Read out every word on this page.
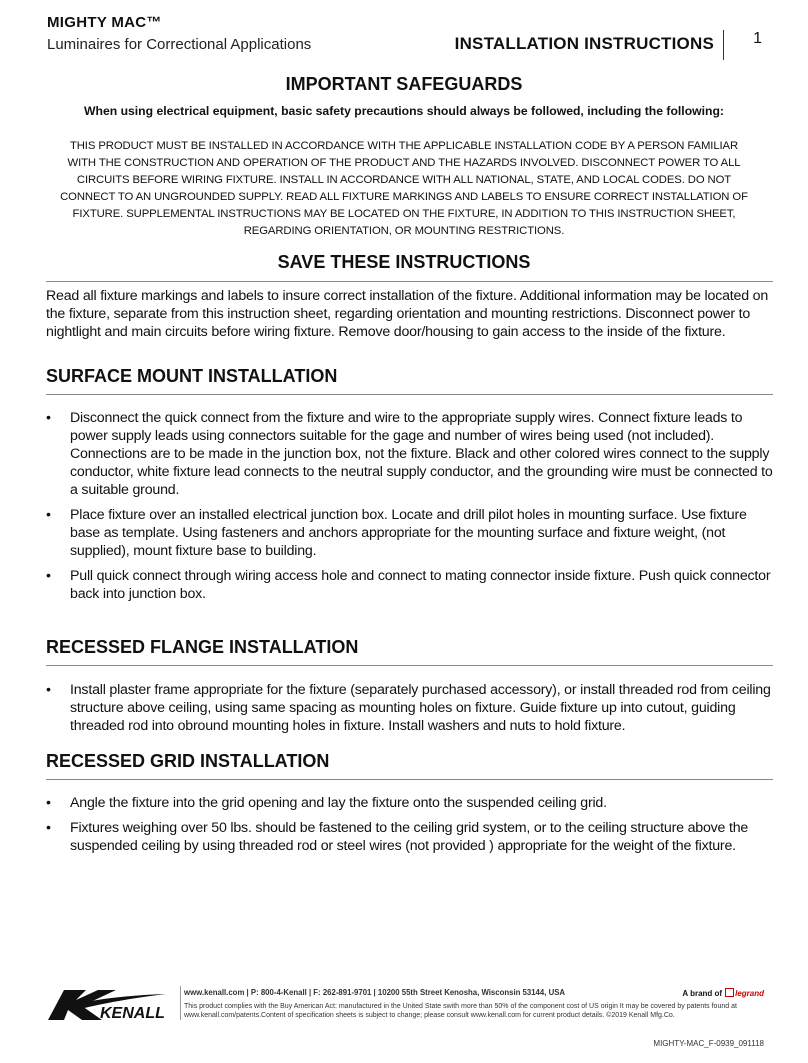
MIGHTY MAC™
Luminaires for Correctional Applications	INSTALLATION INSTRUCTIONS 1
IMPORTANT SAFEGUARDS
When using electrical equipment, basic safety precautions should always be followed, including the following:
THIS PRODUCT MUST BE INSTALLED IN ACCORDANCE WITH THE APPLICABLE INSTALLATION CODE BY A PERSON FAMILIAR WITH THE CONSTRUCTION AND OPERATION OF THE PRODUCT AND THE HAZARDS INVOLVED. DISCONNECT POWER TO ALL CIRCUITS BEFORE WIRING FIXTURE. INSTALL IN ACCORDANCE WITH ALL NATIONAL, STATE, AND LOCAL CODES. DO NOT CONNECT TO AN UNGROUNDED SUPPLY. READ ALL FIXTURE MARKINGS AND LABELS TO ENSURE CORRECT INSTALLATION OF FIXTURE. SUPPLEMENTAL INSTRUCTIONS MAY BE LOCATED ON THE FIXTURE, IN ADDITION TO THIS INSTRUCTION SHEET, REGARDING ORIENTATION, OR MOUNTING RESTRICTIONS.
SAVE THESE INSTRUCTIONS
Read all fixture markings and labels to insure correct installation of the fixture. Additional information may be located on the fixture, separate from this instruction sheet, regarding orientation and mounting restrictions. Disconnect power to nightlight and main circuits before wiring fixture. Remove door/housing to gain access to the inside of the fixture.
SURFACE MOUNT INSTALLATION
• Disconnect the quick connect from the fixture and wire to the appropriate supply wires. Connect fixture leads to power supply leads using connectors suitable for the gage and number of wires being used (not included). Connections are to be made in the junction box, not the fixture. Black and other colored wires connect to the supply conductor, white fixture lead connects to the neutral supply conductor, and the grounding wire must be connected to a suitable ground.
• Place fixture over an installed electrical junction box. Locate and drill pilot holes in mounting surface. Use fixture base as template. Using fasteners and anchors appropriate for the mounting surface and fixture weight, (not supplied), mount fixture base to building.
• Pull quick connect through wiring access hole and connect to mating connector inside fixture. Push quick connector back into junction box.
RECESSED FLANGE INSTALLATION
• Install plaster frame appropriate for the fixture (separately purchased accessory), or install threaded rod from ceiling structure above ceiling, using same spacing as mounting holes on fixture. Guide fixture up into cutout, guiding threaded rod into obround mounting holes in fixture. Install washers and nuts to hold fixture.
RECESSED GRID INSTALLATION
• Angle the fixture into the grid opening and lay the fixture onto the suspended ceiling grid.
• Fixtures weighing over 50 lbs. should be fastened to the ceiling grid system, or to the ceiling structure above the suspended ceiling by using threaded rod or steel wires (not provided ) appropriate for the weight of the fixture.
KENALL
www.kenall.com | P: 800-4-Kenall | F: 262-891-9701 | 10200 55th Street Kenosha, Wisconsin 53144, USA
This product complies with the Buy American Act: manufactured in the United State swith more than 50% of the component cost of US origin It may be covered by patents found at www.kenall.com/patents.Content of specification sheets is subject to change; please consult www.kenall.com for current product details. ©2019 Kenall Mfg.Co.
A brand of legrand
MIGHTY-MAC_F-0939_091118
